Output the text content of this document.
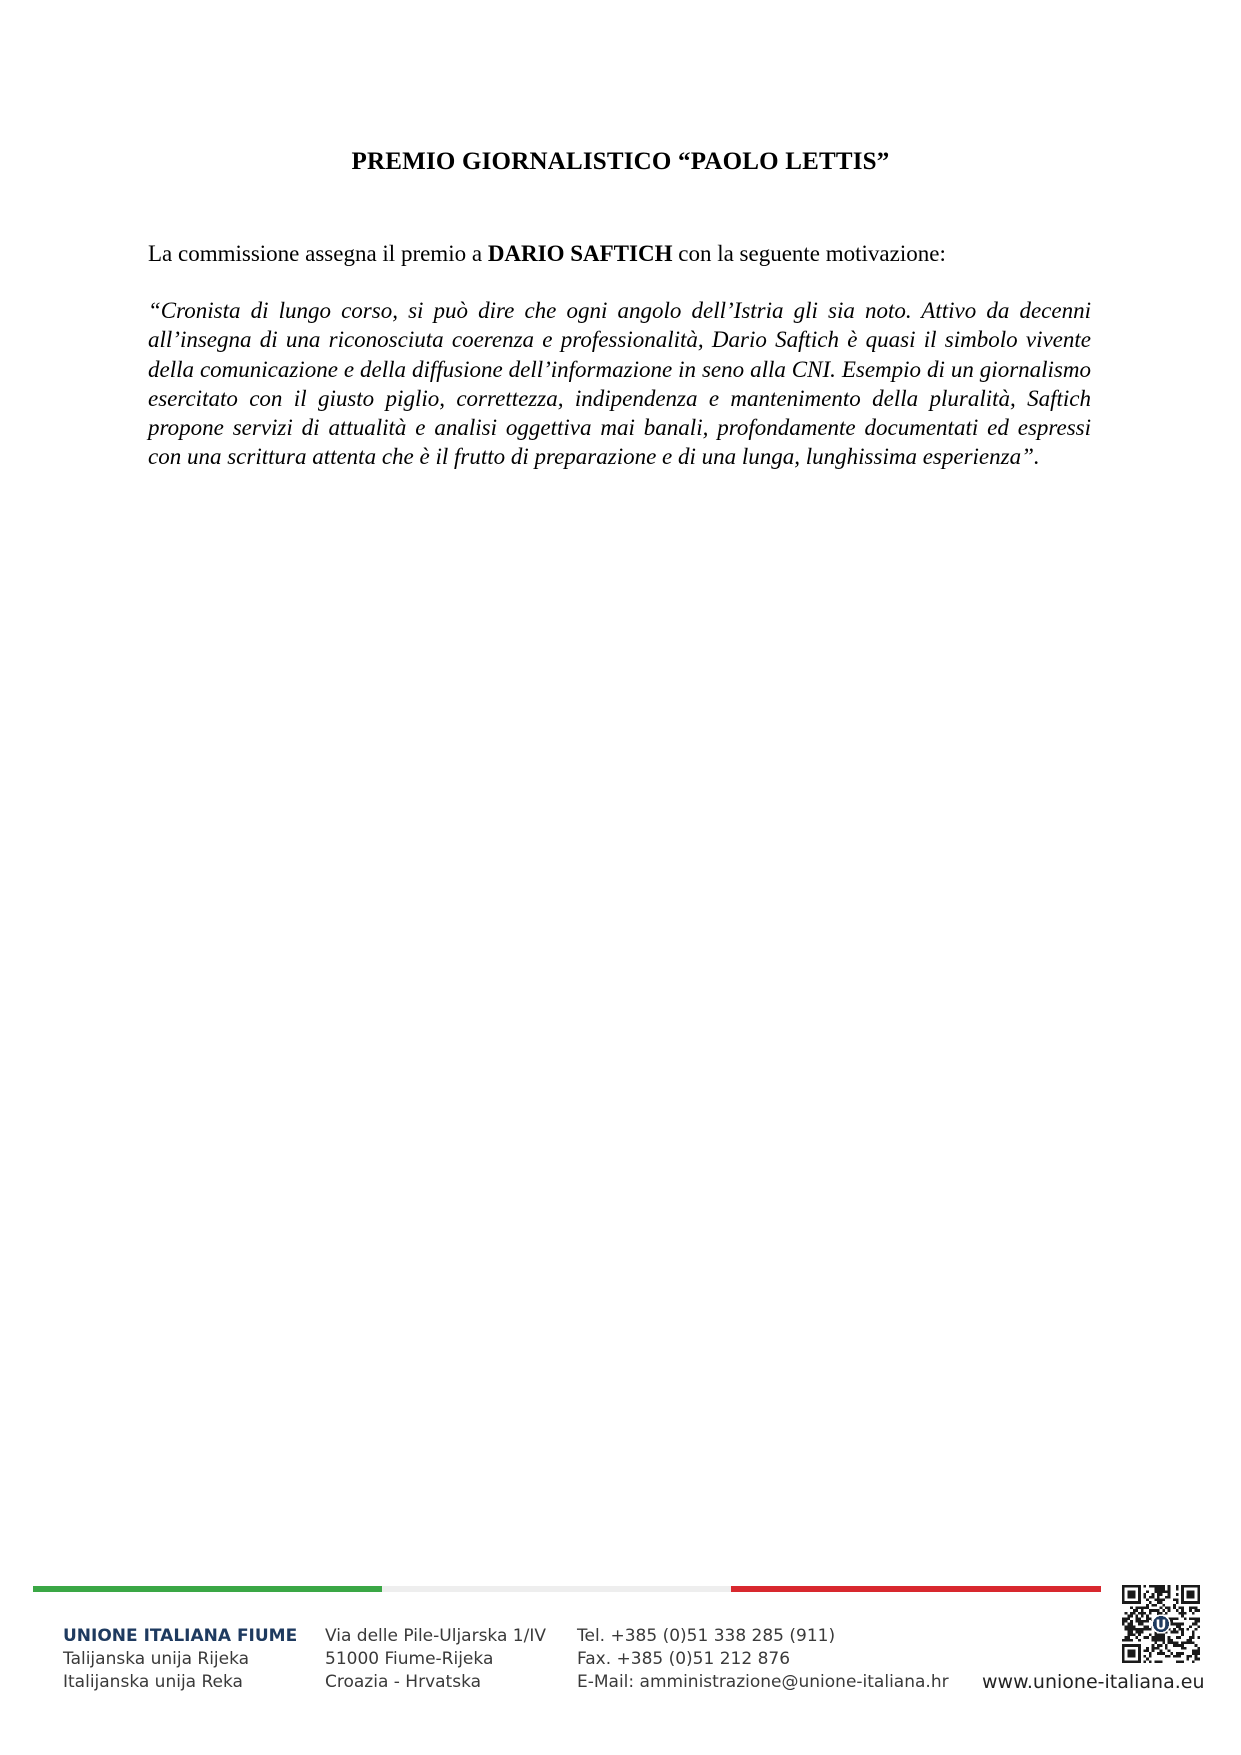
PREMIO GIORNALISTICO “PAOLO LETTIS”
La commissione assegna il premio a DARIO SAFTICH con la seguente motivazione:
“Cronista di lungo corso, si può dire che ogni angolo dell’Istria gli sia noto. Attivo da decenni all’insegna di una riconosciuta coerenza e professionalità, Dario Saftich è quasi il simbolo vivente della comunicazione e della diffusione dell’informazione in seno alla CNI. Esempio di un giornalismo esercitato con il giusto piglio, correttezza, indipendenza e mantenimento della pluralità, Saftich propone servizi di attualità e analisi oggettiva mai banali, profondamente documentati ed espressi con una scrittura attenta che è il frutto di preparazione e di una lunga, lunghissima esperienza”.
UNIONE ITALIANA FIUME
Talijanska unija Rijeka
Italijanska unija Reka
Via delle Pile-Uljarska 1/IV
51000 Fiume-Rijeka
Croazia - Hrvatska
Tel. +385 (0)51 338 285 (911)
Fax. +385 (0)51 212 876
E-Mail: amministrazione@unione-italiana.hr
U
www.unione-italiana.eu
